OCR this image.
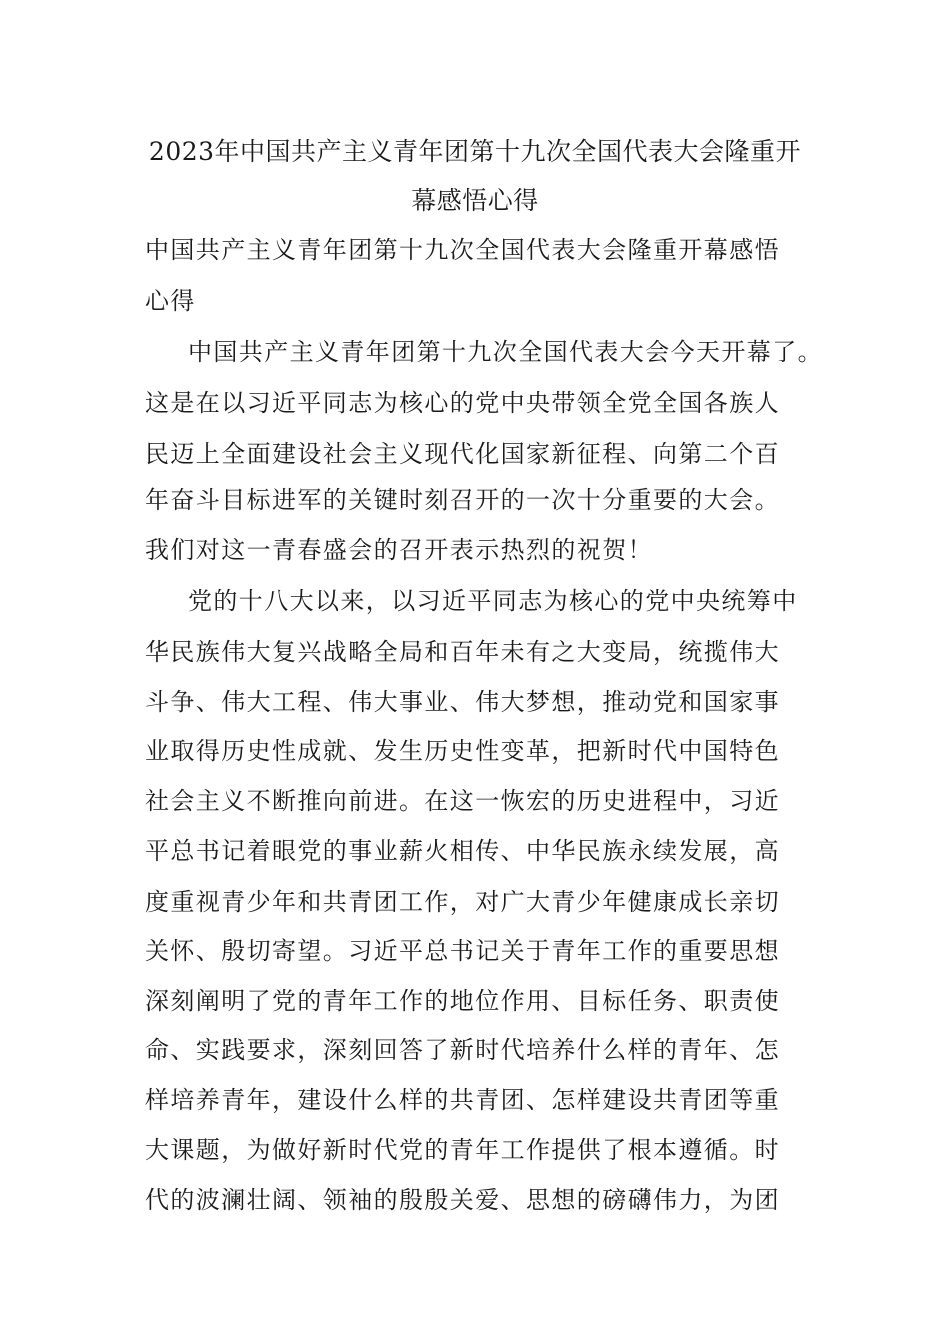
2023年中国共产主义青年团第十九次全国代表大会隆重开
幕感悟心得
中国共产主义青年团第十九次全国代表大会隆重开幕感悟
心得
中国共产主义青年团第十九次全国代表大会今天开幕了。
这是在以习近平同志为核心的党中央带领全党全国各族人
民迈上全面建设社会主义现代化国家新征程、向第二个百
年奋斗目标进军的关键时刻召开的一次十分重要的大会。
我们对这一青春盛会的召开表示热烈的祝贺！
党的十八大以来，以习近平同志为核心的党中央统筹中
华民族伟大复兴战略全局和百年未有之大变局，统揽伟大
斗争、伟大工程、伟大事业、伟大梦想，推动党和国家事
业取得历史性成就、发生历史性变革，把新时代中国特色
社会主义不断推向前进。在这一恢宏的历史进程中，习近
平总书记着眼党的事业薪火相传、中华民族永续发展，高
度重视青少年和共青团工作，对广大青少年健康成长亲切
关怀、殷切寄望。习近平总书记关于青年工作的重要思想
深刻阐明了党的青年工作的地位作用、目标任务、职责使
命、实践要求，深刻回答了新时代培养什么样的青年、怎
样培养青年，建设什么样的共青团、怎样建设共青团等重
大课题，为做好新时代党的青年工作提供了根本遵循。时
代的波澜壮阔、领袖的殷殷关爱、思想的磅礴伟力，为团
